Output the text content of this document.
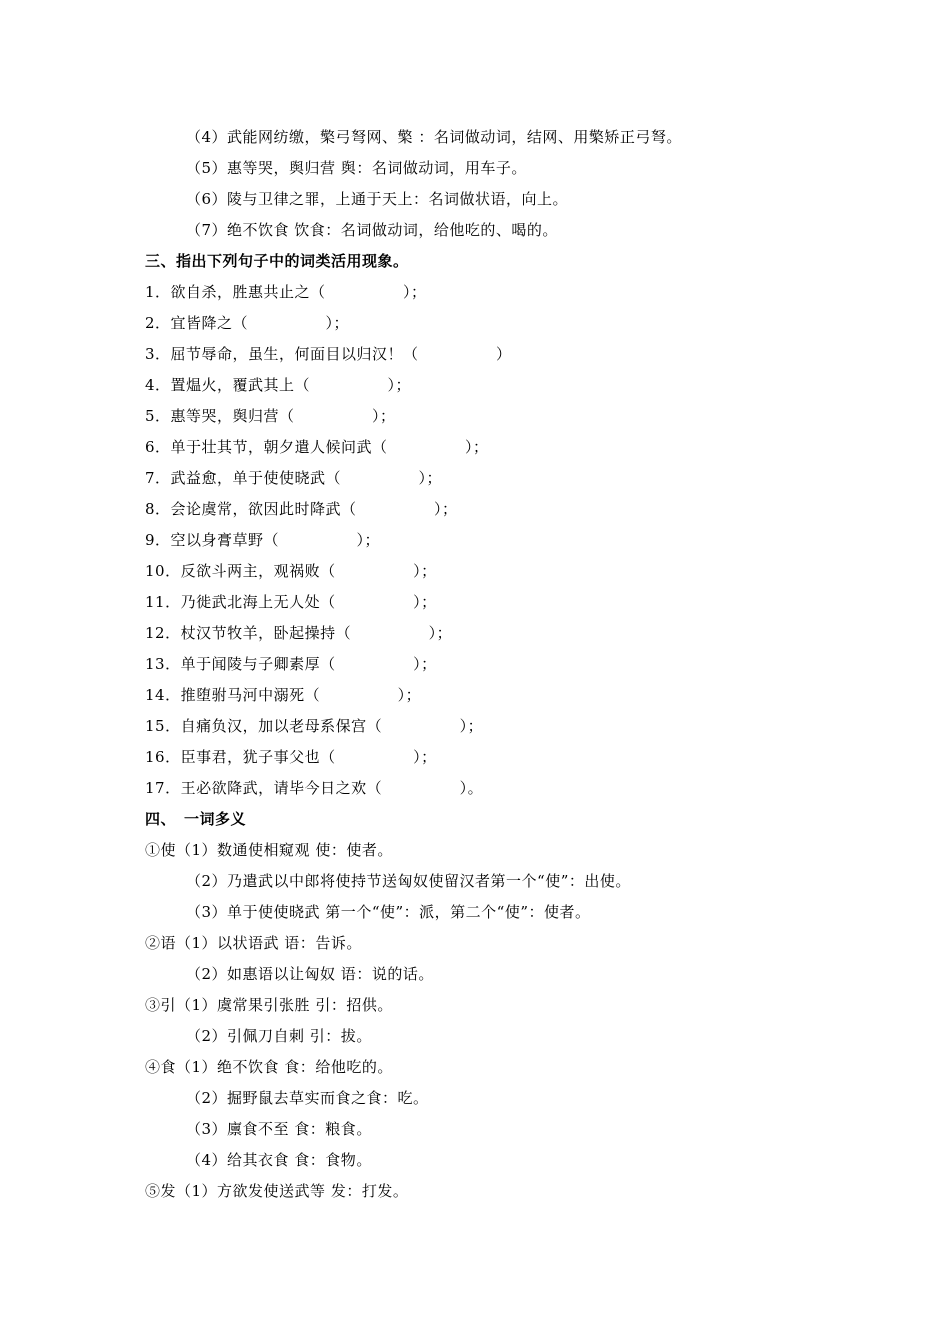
（4）武能网纺缴，檠弓弩网、檠 ：名词做动词，结网、用檠矫正弓弩。
（5）惠等哭，舆归营 舆：名词做动词，用车子。
（6）陵与卫律之罪，上通于天上：名词做状语，向上。
（7）绝不饮食 饮食：名词做动词，给他吃的、喝的。
三、指出下列句子中的词类活用现象。
1．欲自杀，胜惠共止之（　　　　　）；
2．宜皆降之（　　　　　）；
3．屈节辱命，虽生，何面目以归汉！（　　　　　）
4．置煴火，覆武其上（　　　　　）；
5．惠等哭，舆归营（　　　　　）；
6．单于壮其节，朝夕遣人候问武（　　　　　）；
7．武益愈，单于使使晓武（　　　　　）；
8．会论虞常，欲因此时降武（　　　　　）；
9．空以身膏草野（　　　　　）；
10．反欲斗两主，观祸败（　　　　　）；
11．乃徙武北海上无人处（　　　　　）；
12．杖汉节牧羊，卧起操持（　　　　　）；
13．单于闻陵与子卿素厚（　　　　　）；
14．推堕驸马河中溺死（　　　　　）；
15．自痛负汉，加以老母系保宫（　　　　　）；
16．臣事君，犹子事父也（　　　　　）；
17．王必欲降武，请毕今日之欢（　　　　　）。
四、　一词多义
①使（1）数通使相窥观 使：使者。
（2）乃遣武以中郎将使持节送匈奴使留汉者第一个“使”：出使。
（3）单于使使晓武 第一个“使”：派，第二个“使”：使者。
②语（1）以状语武 语：告诉。
（2）如惠语以让匈奴 语：说的话。
③引（1）虞常果引张胜 引：招供。
（2）引佩刀自刺 引：拔。
④食（1）绝不饮食 食：给他吃的。
（2）掘野鼠去草实而食之食：吃。
（3）廪食不至 食：粮食。
（4）给其衣食 食：食物。
⑤发（1）方欲发使送武等 发：打发。
